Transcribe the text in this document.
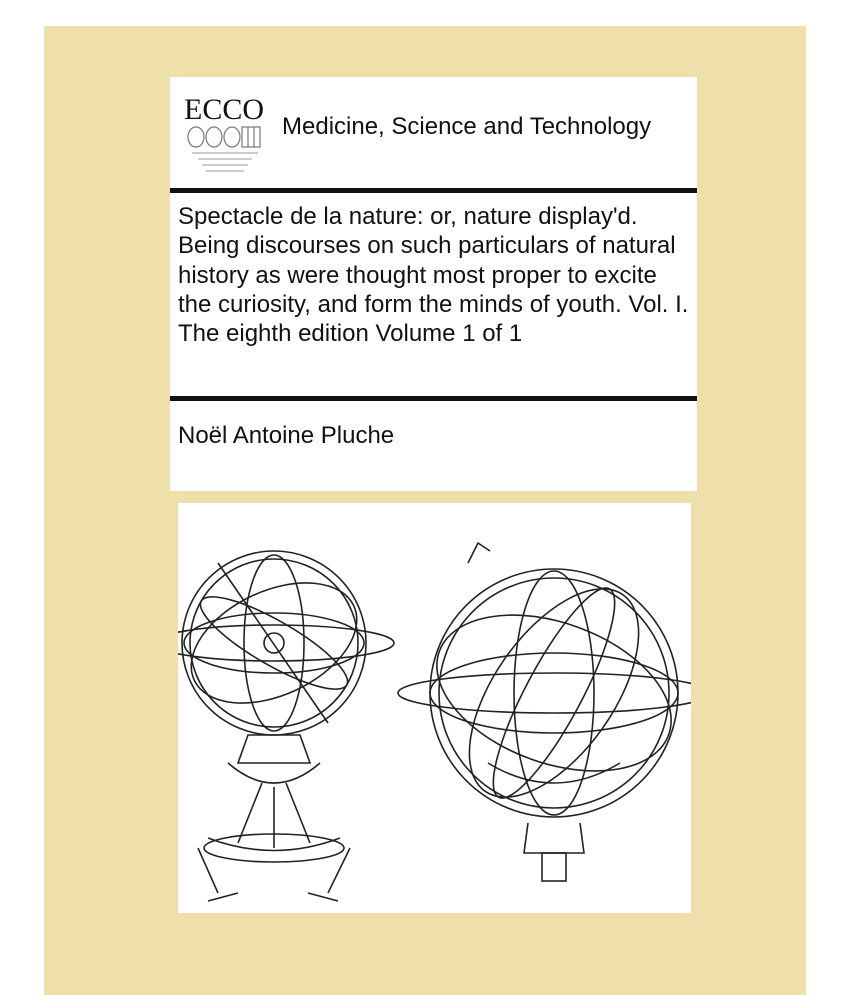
ECCO
Medicine, Science and Technology
Spectacle de la nature: or, nature display'd. Being discourses on such particulars of natural history as were thought most proper to excite the curiosity, and form the minds of youth. Vol. I. The eighth edition Volume 1 of 1
Noël Antoine Pluche
